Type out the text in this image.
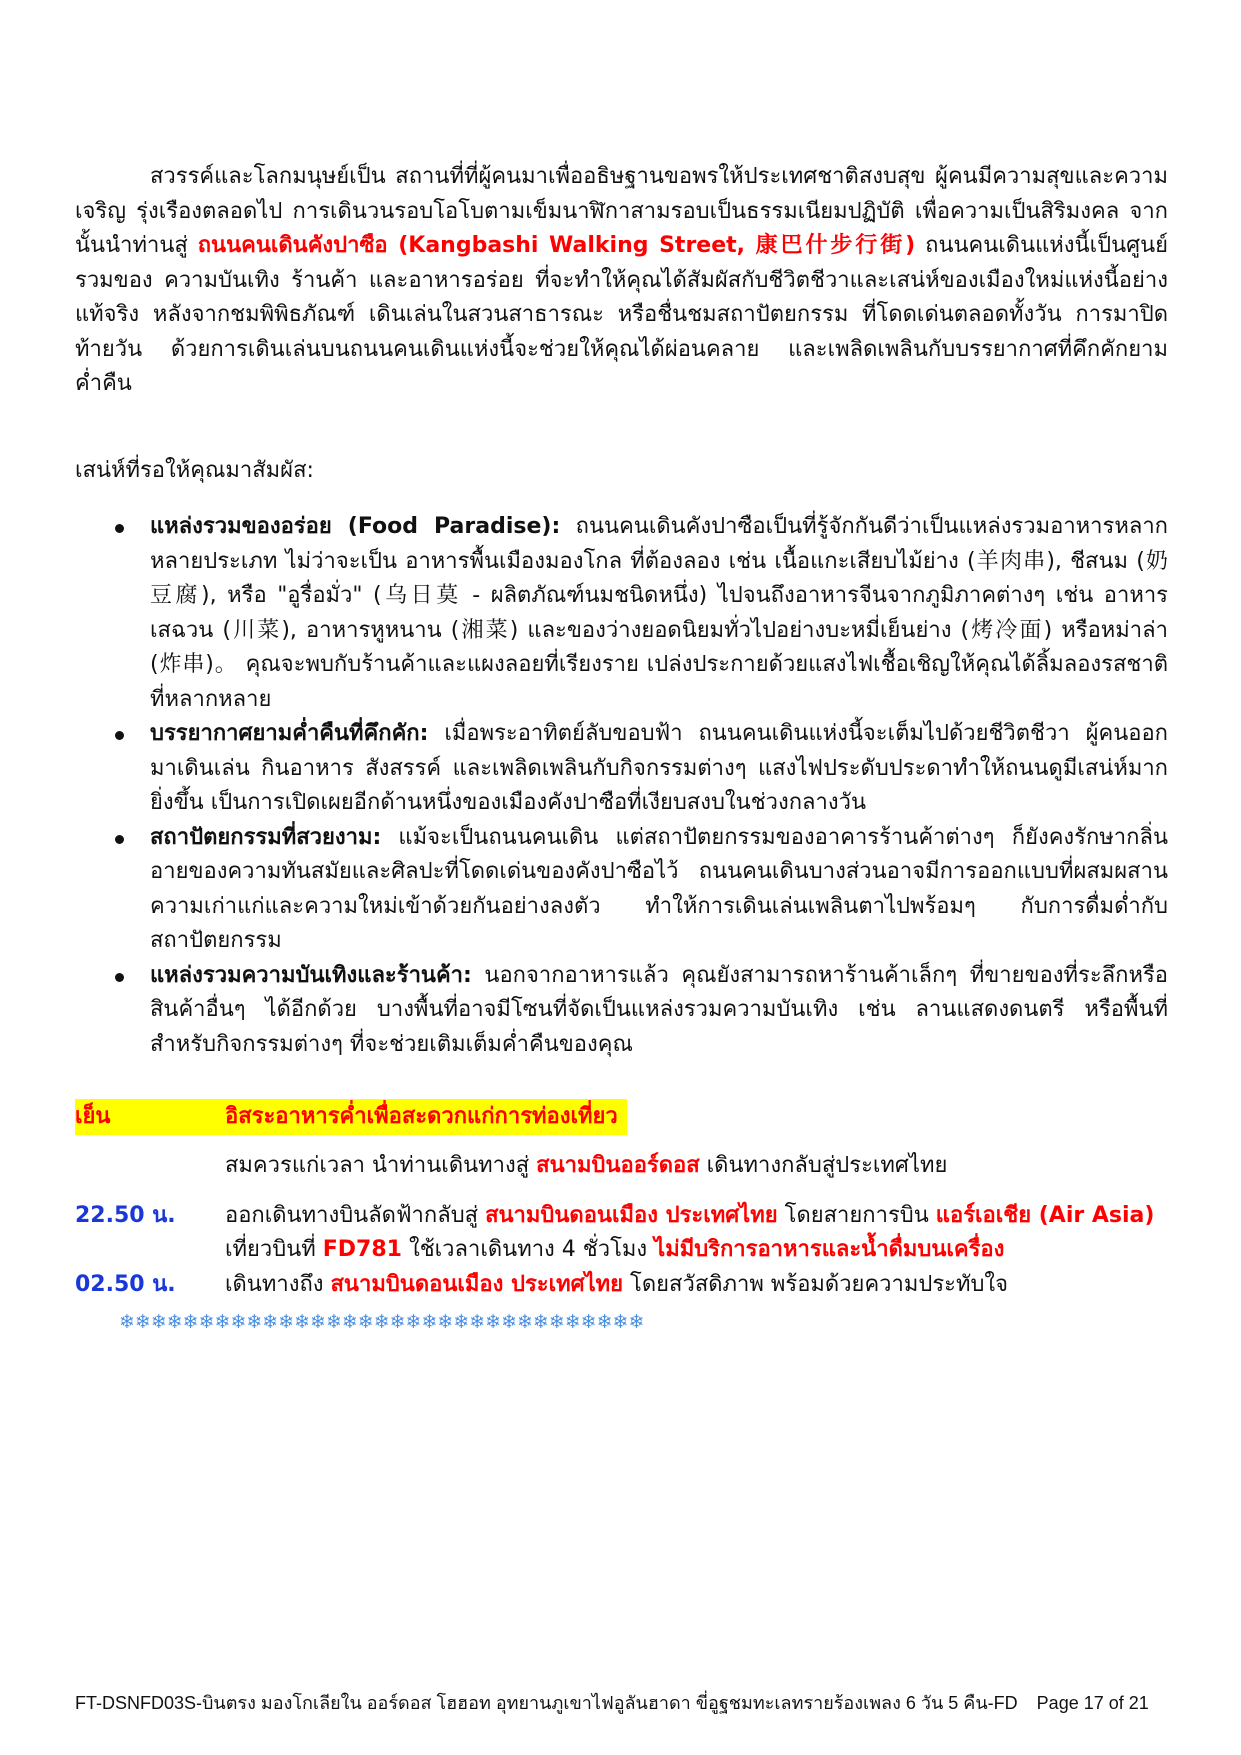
สวรรค์และโลกมนุษย์เป็น สถานที่ที่ผู้คนมาเพื่ออธิษฐานขอพรให้ประเทศชาติสงบสุข ผู้คนมีความสุขและความเจริญ รุ่งเรืองตลอดไป การเดินวนรอบโอโบตามเข็มนาฬิกาสามรอบเป็นธรรมเนียมปฏิบัติ เพื่อความเป็นสิริมงคล จากนั้นนำท่านสู่ ถนนคนเดินคังปาซือ (Kangbashi Walking Street, 康巴什步行街) ถนนคนเดินแห่งนี้เป็นศูนย์รวมของ ความบันเทิง ร้านค้า และอาหารอร่อย ที่จะทำให้คุณได้สัมผัสกับชีวิตชีวาและเสน่ห์ของเมืองใหม่แห่งนี้อย่างแท้จริง หลังจากชมพิพิธภัณฑ์ เดินเล่นในสวนสาธารณะ หรือชื่นชมสถาปัตยกรรม ที่โดดเด่นตลอดทั้งวัน การมาปิดท้ายวัน ด้วยการเดินเล่นบนถนนคนเดินแห่งนี้จะช่วยให้คุณได้ผ่อนคลาย และเพลิดเพลินกับบรรยากาศที่คึกคักยามค่ำคืน

เสน่ห์ที่รอให้คุณมาสัมผัส:

แหล่งรวมของอร่อย (Food Paradise): ถนนคนเดินคังปาซือเป็นที่รู้จักกันดีว่าเป็นแหล่งรวมอาหารหลากหลายประเภท ไม่ว่าจะเป็น อาหารพื้นเมืองมองโกล ที่ต้องลอง เช่น เนื้อแกะเสียบไม้ย่าง (羊肉串), ชีสนม (奶豆腐), หรือ "อูรื่อมั่ว" (乌日莫 - ผลิตภัณฑ์นมชนิดหนึ่ง) ไปจนถึงอาหารจีนจากภูมิภาคต่างๆ เช่น อาหารเสฉวน (川菜), อาหารหูหนาน (湘菜) และของว่างยอดนิยมทั่วไปอย่างบะหมี่เย็นย่าง (烤冷面) หรือหม่าล่า (炸串)。 คุณจะพบกับร้านค้าและแผงลอยที่เรียงราย เปล่งประกายด้วยแสงไฟเชื้อเชิญให้คุณได้ลิ้มลองรสชาติที่หลากหลาย
บรรยากาศยามค่ำคืนที่คึกคัก: เมื่อพระอาทิตย์ลับขอบฟ้า ถนนคนเดินแห่งนี้จะเต็มไปด้วยชีวิตชีวา ผู้คนออกมาเดินเล่น กินอาหาร สังสรรค์ และเพลิดเพลินกับกิจกรรมต่างๆ แสงไฟประดับประดาทำให้ถนนดูมีเสน่ห์มากยิ่งขึ้น เป็นการเปิดเผยอีกด้านหนึ่งของเมืองคังปาซือที่เงียบสงบในช่วงกลางวัน
สถาปัตยกรรมที่สวยงาม: แม้จะเป็นถนนคนเดิน แต่สถาปัตยกรรมของอาคารร้านค้าต่างๆ ก็ยังคงรักษากลิ่นอายของความทันสมัยและศิลปะที่โดดเด่นของคังปาซือไว้ ถนนคนเดินบางส่วนอาจมีการออกแบบที่ผสมผสานความเก่าแก่และความใหม่เข้าด้วยกันอย่างลงตัว ทำให้การเดินเล่นเพลินตาไปพร้อมๆ กับการดื่มด่ำกับสถาปัตยกรรม
แหล่งรวมความบันเทิงและร้านค้า: นอกจากอาหารแล้ว คุณยังสามารถหาร้านค้าเล็กๆ ที่ขายของที่ระลึกหรือสินค้าอื่นๆ ได้อีกด้วย บางพื้นที่อาจมีโซนที่จัดเป็นแหล่งรวมความบันเทิง เช่น ลานแสดงดนตรี หรือพื้นที่สำหรับกิจกรรมต่างๆ ที่จะช่วยเติมเต็มค่ำคืนของคุณ
เย็น	อิสระอาหารค่ำเพื่อสะดวกแก่การท่องเที่ยว
สมควรแก่เวลา นำท่านเดินทางสู่ สนามบินออร์ดอส เดินทางกลับสู่ประเทศไทย
22.50 น. ออกเดินทางบินลัดฟ้ากลับสู่ สนามบินดอนเมือง ประเทศไทย โดยสายการบิน แอร์เอเชีย (Air Asia)
เที่ยวบินที่ FD781 ใช้เวลาเดินทาง 4 ชั่วโมง ไม่มีบริการอาหารและน้ำดื่มบนเครื่อง
02.50 น. เดินทางถึง สนามบินดอนเมือง ประเทศไทย โดยสวัสดิภาพ พร้อมด้วยความประทับใจ
❄❄❄❄❄❄❄❄❄❄❄❄❄❄❄❄❄❄❄❄❄❄❄❄❄❄❄❄❄❄❄❄❄
FT-DSNFD03S-บินตรง มองโกเลียใน ออร์ดอส โฮฮอท อุทยานภูเขาไฟอูลันฮาดา ขี่อูฐชมทะเลทรายร้องเพลง 6 วัน 5 คืน-FD Page 17 of 21
